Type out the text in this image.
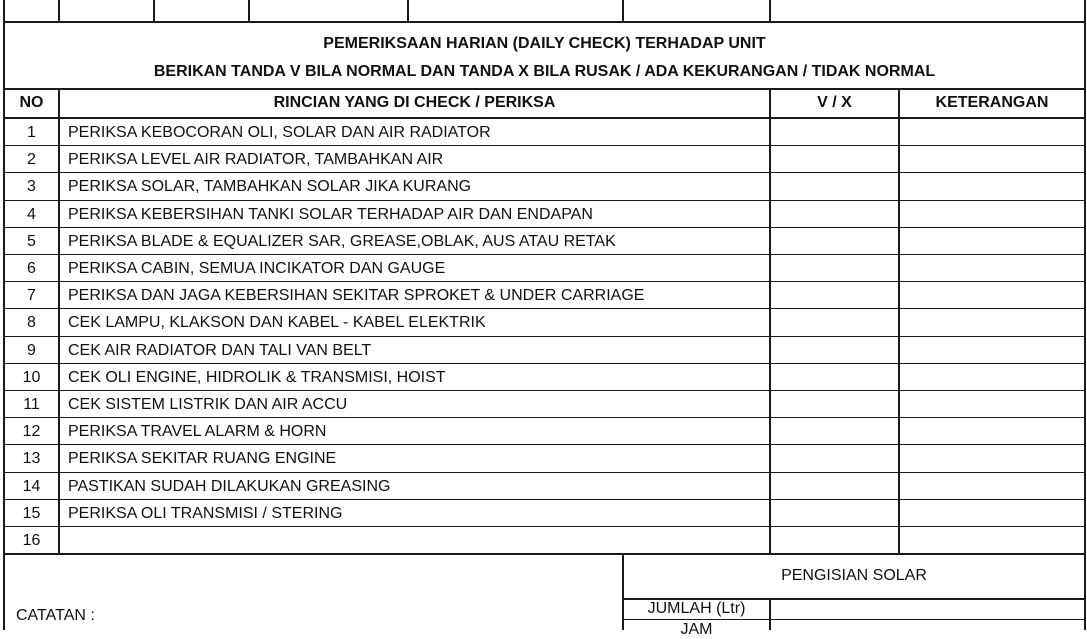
PEMERIKSAAN HARIAN (DAILY CHECK) TERHADAP UNIT
BERIKAN TANDA V BILA NORMAL DAN TANDA X BILA RUSAK / ADA KEKURANGAN / TIDAK NORMAL
NO	RINCIAN YANG DI CHECK / PERIKSA	V / X	KETERANGAN
1	PERIKSA KEBOCORAN OLI, SOLAR DAN AIR RADIATOR
2	PERIKSA LEVEL AIR RADIATOR, TAMBAHKAN AIR
3	PERIKSA SOLAR, TAMBAHKAN SOLAR JIKA KURANG
4	PERIKSA KEBERSIHAN TANKI SOLAR TERHADAP AIR DAN ENDAPAN
5	PERIKSA BLADE & EQUALIZER SAR, GREASE,OBLAK, AUS ATAU RETAK
6	PERIKSA CABIN, SEMUA INCIKATOR DAN GAUGE
7	PERIKSA DAN JAGA KEBERSIHAN SEKITAR SPROKET & UNDER CARRIAGE
8	CEK LAMPU, KLAKSON DAN KABEL - KABEL ELEKTRIK
9	CEK AIR RADIATOR DAN TALI VAN BELT
10	CEK OLI ENGINE, HIDROLIK & TRANSMISI, HOIST
11	CEK SISTEM LISTRIK DAN AIR ACCU
12	PERIKSA TRAVEL ALARM & HORN
13	PERIKSA SEKITAR RUANG ENGINE
14	PASTIKAN SUDAH DILAKUKAN GREASING
15	PERIKSA OLI TRANSMISI / STERING
16
PENGISIAN SOLAR
JUMLAH (Ltr)
JAM
CATATAN :
